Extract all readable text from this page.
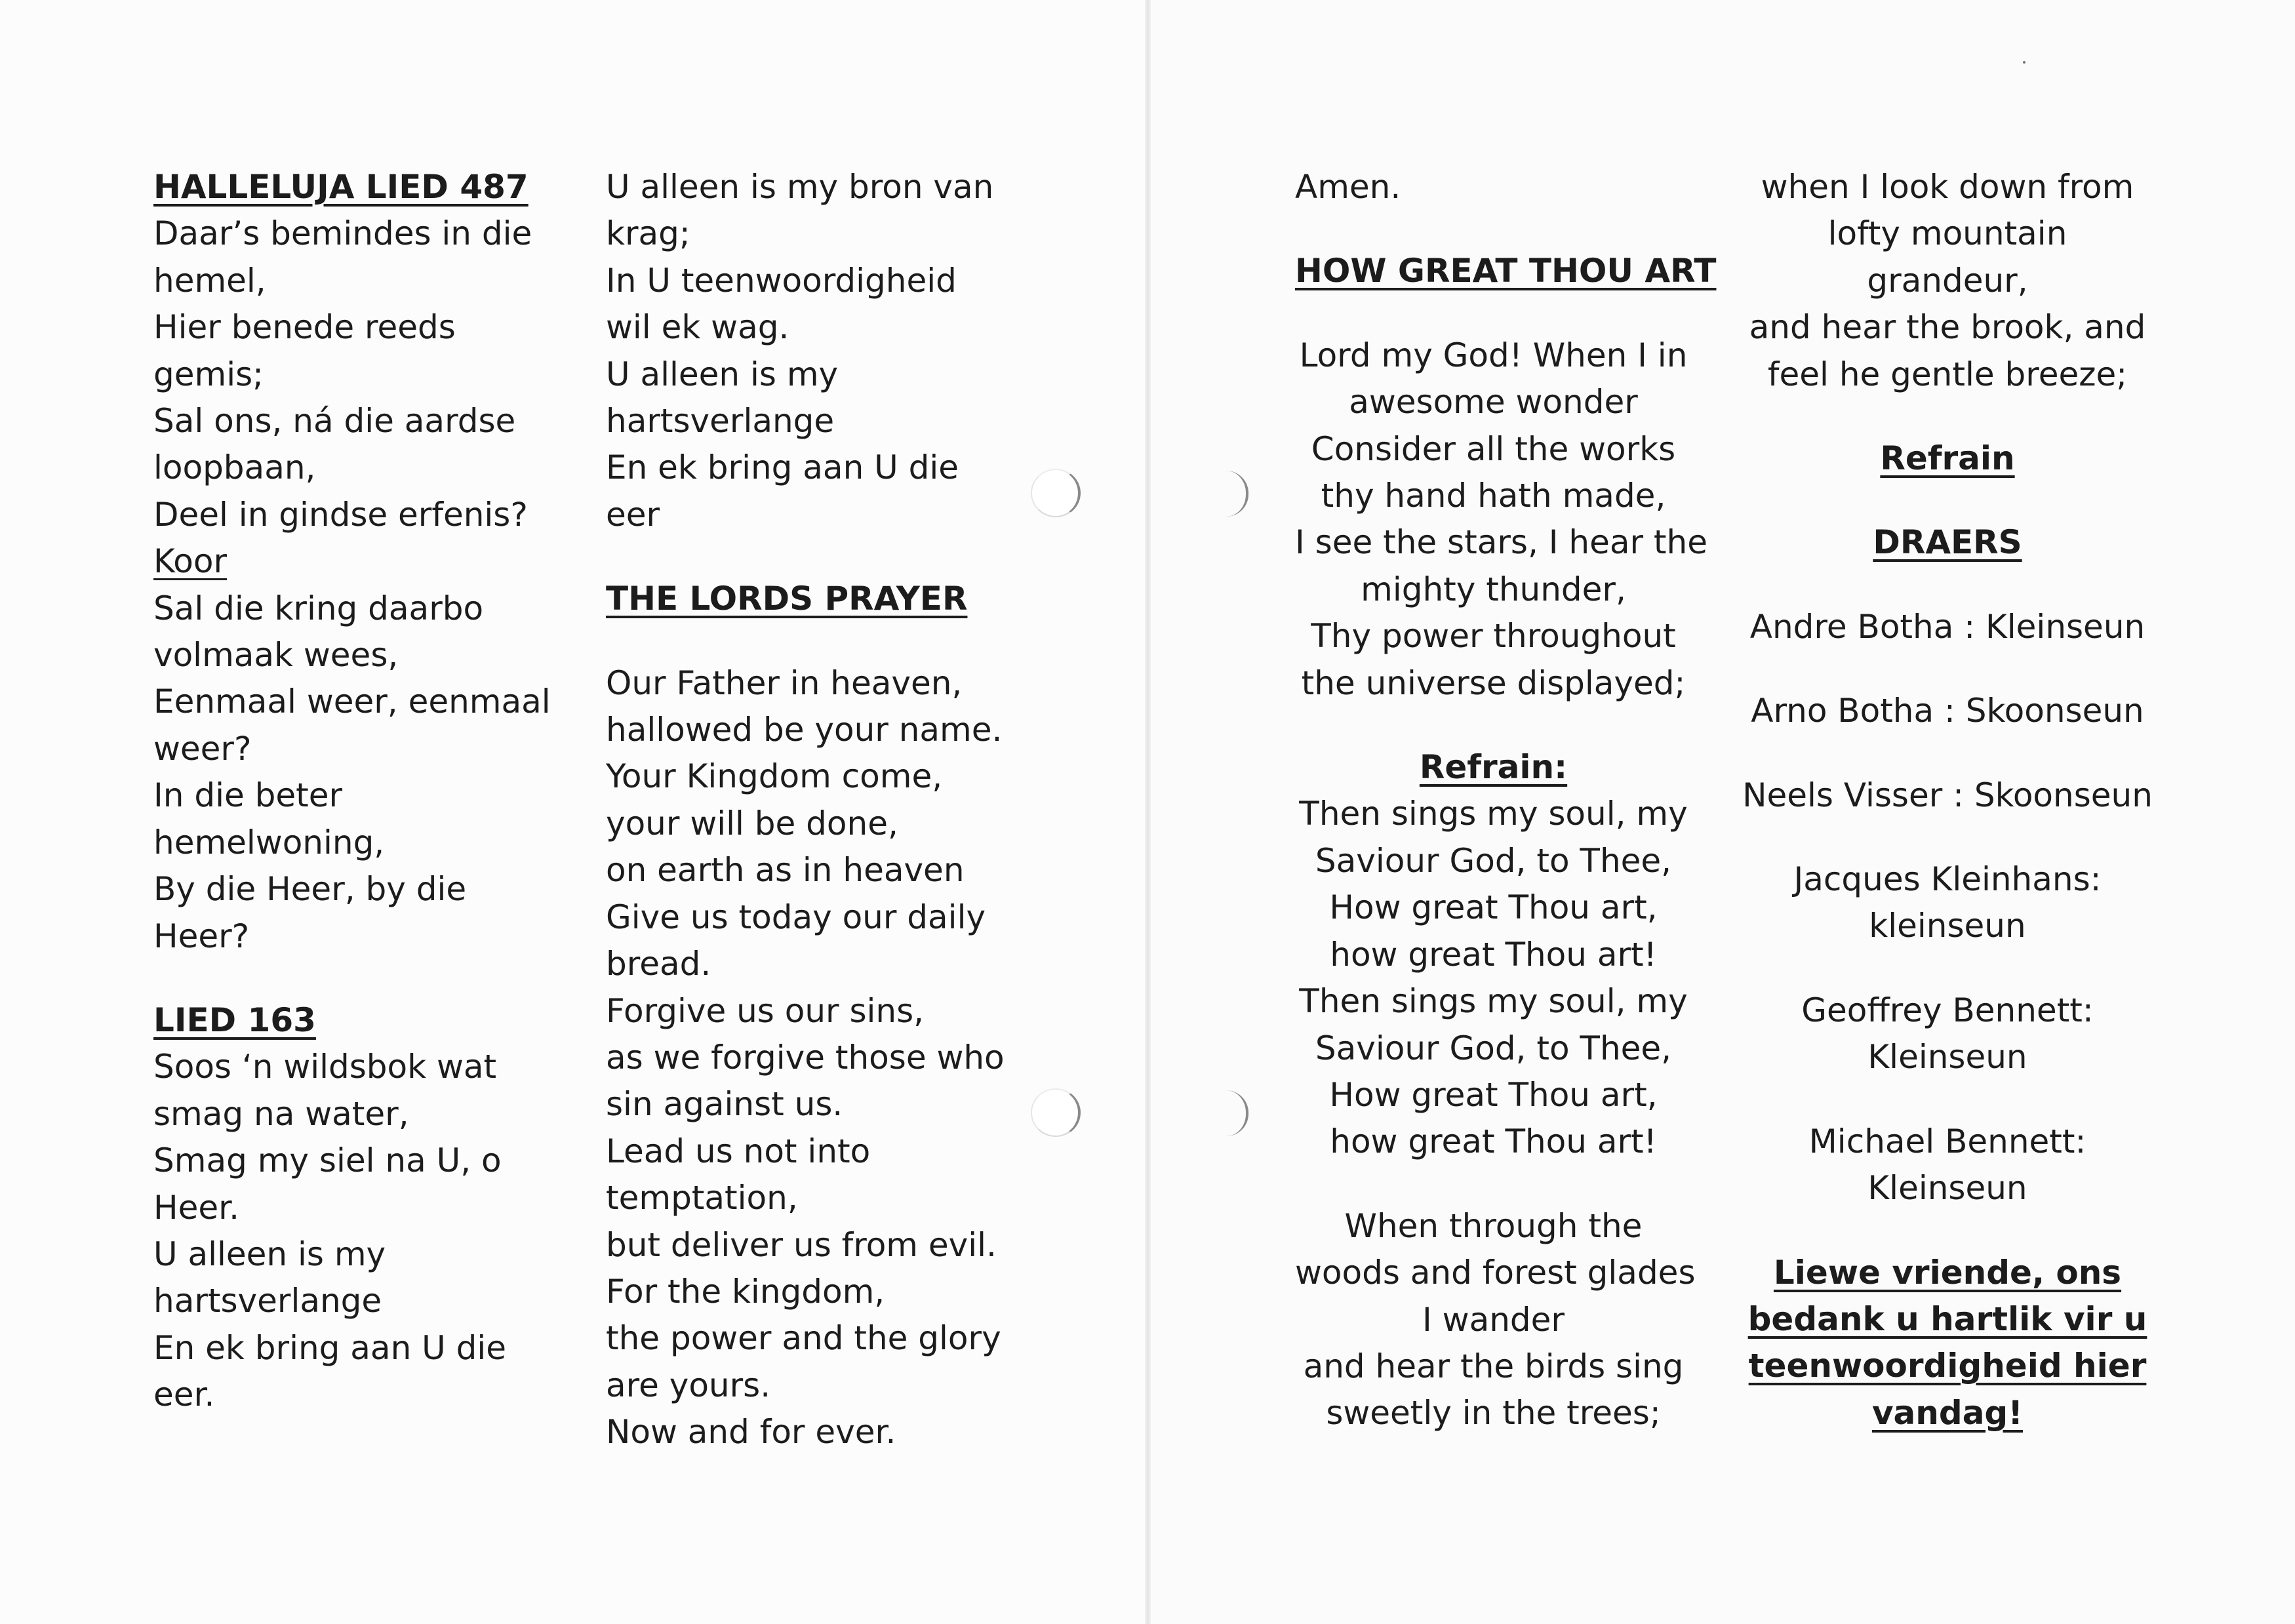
HALLELUJA LIED 487
Daar’s bemindes in die
hemel,
Hier benede reeds
gemis;
Sal ons, ná die aardse
loopbaan,
Deel in gindse erfenis?
Koor
Sal die kring daarbo
volmaak wees,
Eenmaal weer, eenmaal
weer?
In die beter
hemelwoning,
By die Heer, by die
Heer?
LIED 163
Soos ‘n wildsbok wat
smag na water,
Smag my siel na U, o
Heer.
U alleen is my
hartsverlange
En ek bring aan U die
eer.
U alleen is my bron van
krag;
In U teenwoordigheid
wil ek wag.
U alleen is my
hartsverlange
En ek bring aan U die
eer
THE LORDS PRAYER
Our Father in heaven,
hallowed be your name.
Your Kingdom come,
your will be done,
on earth as in heaven
Give us today our daily
bread.
Forgive us our sins,
as we forgive those who
sin against us.
Lead us not into
temptation,
but deliver us from evil.
For the kingdom,
the power and the glory
are yours.
Now and for ever.
Amen.
HOW GREAT THOU ART
Lord my God! When I in
awesome wonder
Consider all the works
thy hand hath made,
I see the stars, I hear the
mighty thunder,
Thy power throughout
the universe displayed;
Refrain:
Then sings my soul, my
Saviour God, to Thee,
How great Thou art,
how great Thou art!
Then sings my soul, my
Saviour God, to Thee,
How great Thou art,
how great Thou art!
When through the
woods and forest glades
I wander
and hear the birds sing
sweetly in the trees;
when I look down from
lofty mountain
grandeur,
and hear the brook, and
feel he gentle breeze;
Refrain
DRAERS
Andre Botha : Kleinseun
Arno Botha : Skoonseun
Neels Visser : Skoonseun
Jacques Kleinhans:
kleinseun
Geoffrey Bennett:
Kleinseun
Michael Bennett:
Kleinseun
Liewe vriende, ons
bedank u hartlik vir u
teenwoordigheid hier
vandag!
